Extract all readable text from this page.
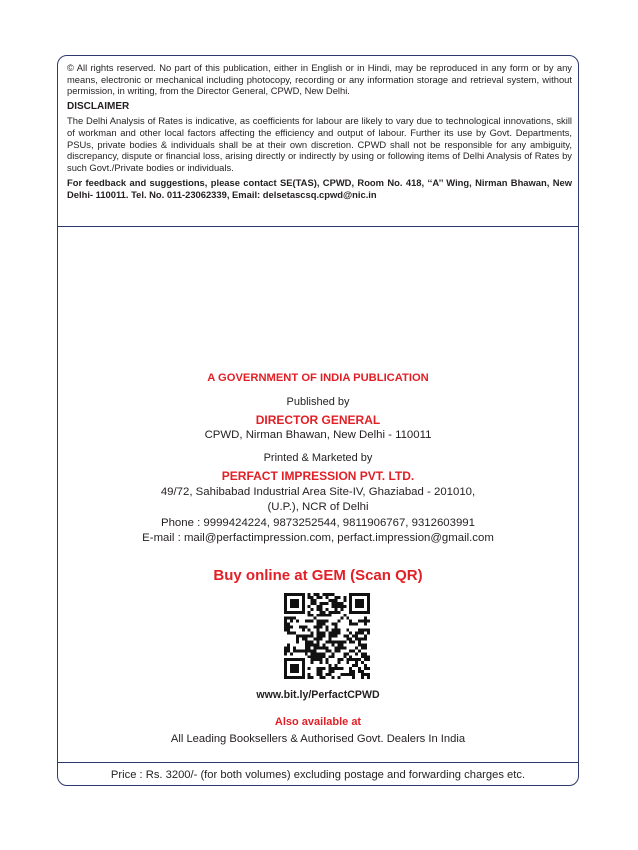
© All rights reserved. No part of this publication, either in English or in Hindi, may be reproduced in any form or by any means, electronic or mechanical including photocopy, recording or any information storage and retrieval system, without permission, in writing, from the Director General, CPWD, New Delhi.

DISCLAIMER

The Delhi Analysis of Rates is indicative, as coefficients for labour are likely to vary due to technological innovations, skill of workman and other local factors affecting the efficiency and output of labour. Further its use by Govt. Departments, PSUs, private bodies & individuals shall be at their own discretion. CPWD shall not be responsible for any ambiguity, discrepancy, dispute or financial loss, arising directly or indirectly by using or following items of Delhi Analysis of Rates by such Govt./Private bodies or individuals.

For feedback and suggestions, please contact SE(TAS), CPWD, Room No. 418, ‘‘A’’ Wing, Nirman Bhawan, New Delhi- 110011. Tel. No. 011-23062339, Email: delsetascsq.cpwd@nic.in

A GOVERNMENT OF INDIA PUBLICATION
Published by
DIRECTOR GENERAL
CPWD, Nirman Bhawan, New Delhi - 110011
Printed & Marketed by
PERFACT IMPRESSION PVT. LTD.
49/72, Sahibabad Industrial Area Site-IV, Ghaziabad - 201010,
(U.P.), NCR of Delhi
Phone : 9999424224, 9873252544, 9811906767, 9312603991
E-mail : mail@perfactimpression.com, perfact.impression@gmail.com
Buy online at GEM (Scan QR)
www.bit.ly/PerfactCPWD
Also available at
All Leading Booksellers & Authorised Govt. Dealers In India
Price : Rs. 3200/- (for both volumes) excluding postage and forwarding charges etc.
